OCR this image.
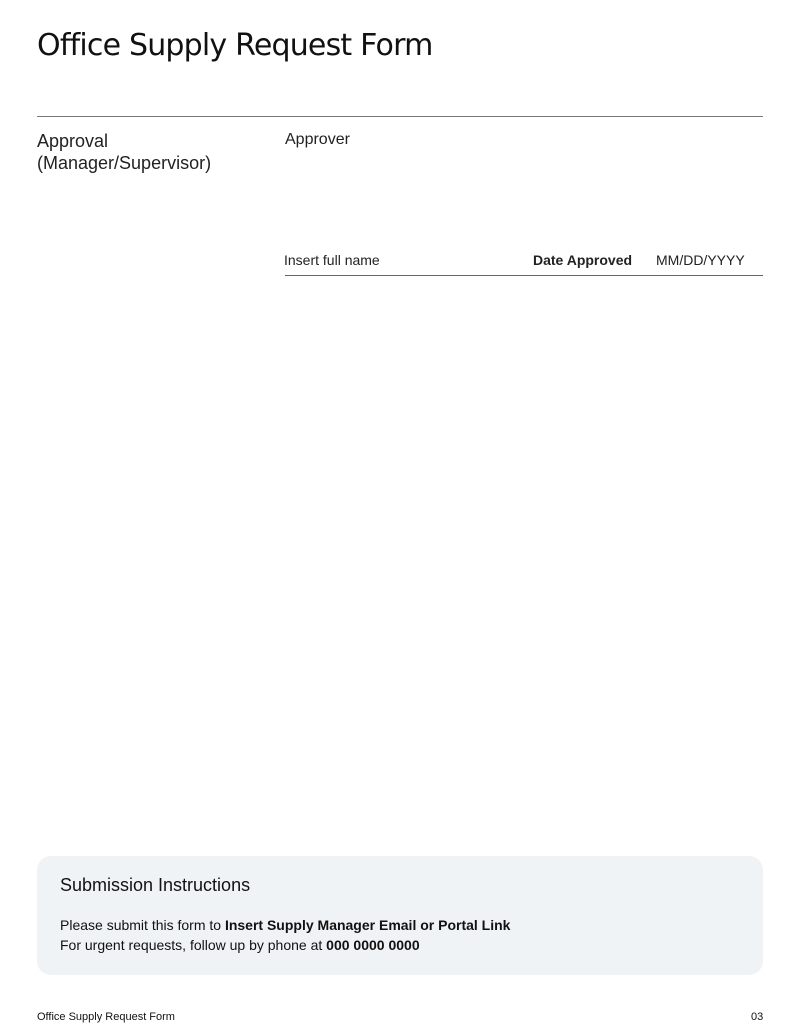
Office Supply Request Form
Approval (Manager/Supervisor)
Approver
Insert full name	Date Approved MM/DD/YYYY
Submission Instructions
Please submit this form to Insert Supply Manager Email or Portal Link
For urgent requests, follow up by phone at 000 0000 0000
Office Supply Request Form	03
